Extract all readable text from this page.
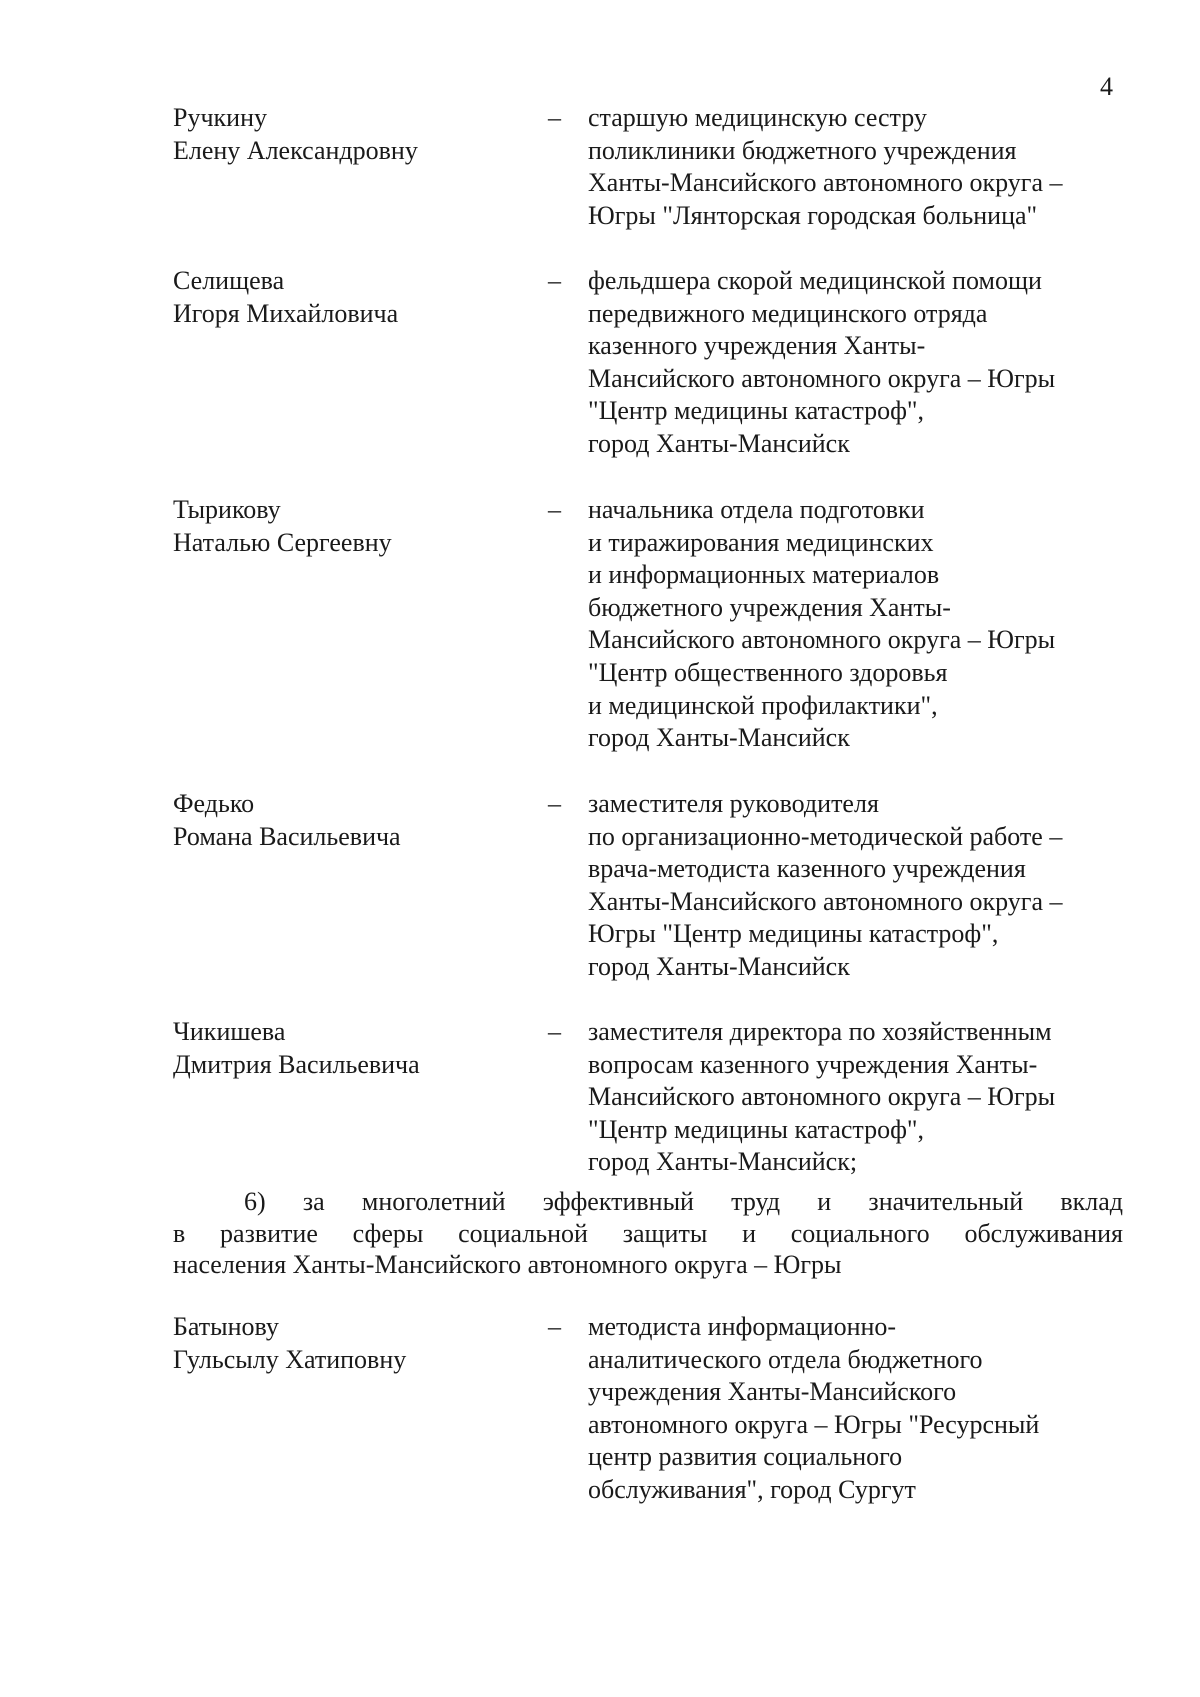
4
Ручкину
Елену Александровну
– старшую медицинскую сестру
поликлиники бюджетного учреждения
Ханты-Мансийского автономного округа –
Югры "Лянторская городская больница"
Селищева
Игоря Михайловича
– фельдшера скорой медицинской помощи
передвижного медицинского отряда
казенного учреждения Ханты-
Мансийского автономного округа – Югры
"Центр медицины катастроф",
город Ханты-Мансийск
Тырикову
Наталью Сергеевну
– начальника отдела подготовки
и тиражирования медицинских
и информационных материалов
бюджетного учреждения Ханты-
Мансийского автономного округа – Югры
"Центр общественного здоровья
и медицинской профилактики",
город Ханты-Мансийск
Федько
Романа Васильевича
– заместителя руководителя
по организационно-методической работе –
врача-методиста казенного учреждения
Ханты-Мансийского автономного округа –
Югры "Центр медицины катастроф",
город Ханты-Мансийск
Чикишева
Дмитрия Васильевича
– заместителя директора по хозяйственным
вопросам казенного учреждения Ханты-
Мансийского автономного округа – Югры
"Центр медицины катастроф",
город Ханты-Мансийск;
6) за многолетний эффективный труд и значительный вклад
в развитие сферы социальной защиты и социального обслуживания
населения Ханты-Мансийского автономного округа – Югры
Батынову
Гульсылу Хатиповну
– методиста информационно-
аналитического отдела бюджетного
учреждения Ханты-Мансийского
автономного округа – Югры "Ресурсный
центр развития социального
обслуживания", город Сургут
